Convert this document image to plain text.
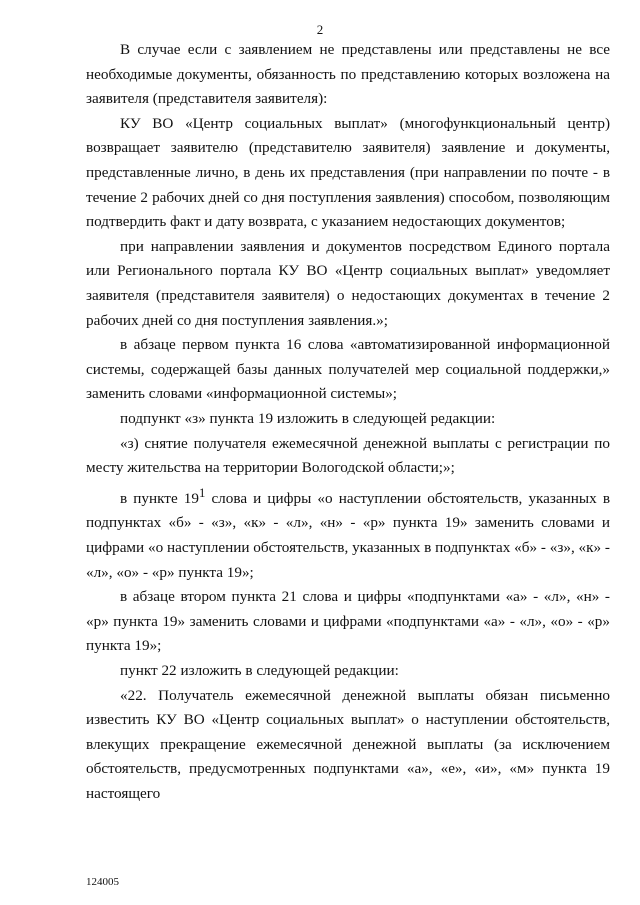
2

В случае если с заявлением не представлены или представлены не все необходимые документы, обязанность по представлению которых возложена на заявителя (представителя заявителя):

КУ ВО «Центр социальных выплат» (многофункциональный центр) возвращает заявителю (представителю заявителя) заявление и документы, представленные лично, в день их представления (при направлении по почте - в течение 2 рабочих дней со дня поступления заявления) способом, позволяющим подтвердить факт и дату возврата, с указанием недостающих документов;

при направлении заявления и документов посредством Единого портала или Регионального портала КУ ВО «Центр социальных выплат» уведомляет заявителя (представителя заявителя) о недостающих документах в течение 2 рабочих дней со дня поступления заявления.»;

в абзаце первом пункта 16 слова «автоматизированной информационной системы, содержащей базы данных получателей мер социальной поддержки,» заменить словами «информационной системы»;

подпункт «з» пункта 19 изложить в следующей редакции:

«з) снятие получателя ежемесячной денежной выплаты с регистрации по месту жительства на территории Вологодской области;»;

в пункте $19^1$ слова и цифры «о наступлении обстоятельств, указанных в подпунктах «б» - «з», «к» - «л», «н» - «р» пункта 19» заменить словами и цифрами «о наступлении обстоятельств, указанных в подпунктах «б» - «з», «к» - «л», «о» - «р» пункта 19»;

в абзаце втором пункта 21 слова и цифры «подпунктами «а» - «л», «н» - «р» пункта 19» заменить словами и цифрами «подпунктами «а» - «л», «о» - «р» пункта 19»;

пункт 22 изложить в следующей редакции:

«22. Получатель ежемесячной денежной выплаты обязан письменно известить КУ ВО «Центр социальных выплат» о наступлении обстоятельств, влекущих прекращение ежемесячной денежной выплаты (за исключением обстоятельств, предусмотренных подпунктами «а», «е», «и», «м» пункта 19 настоящего

124005
